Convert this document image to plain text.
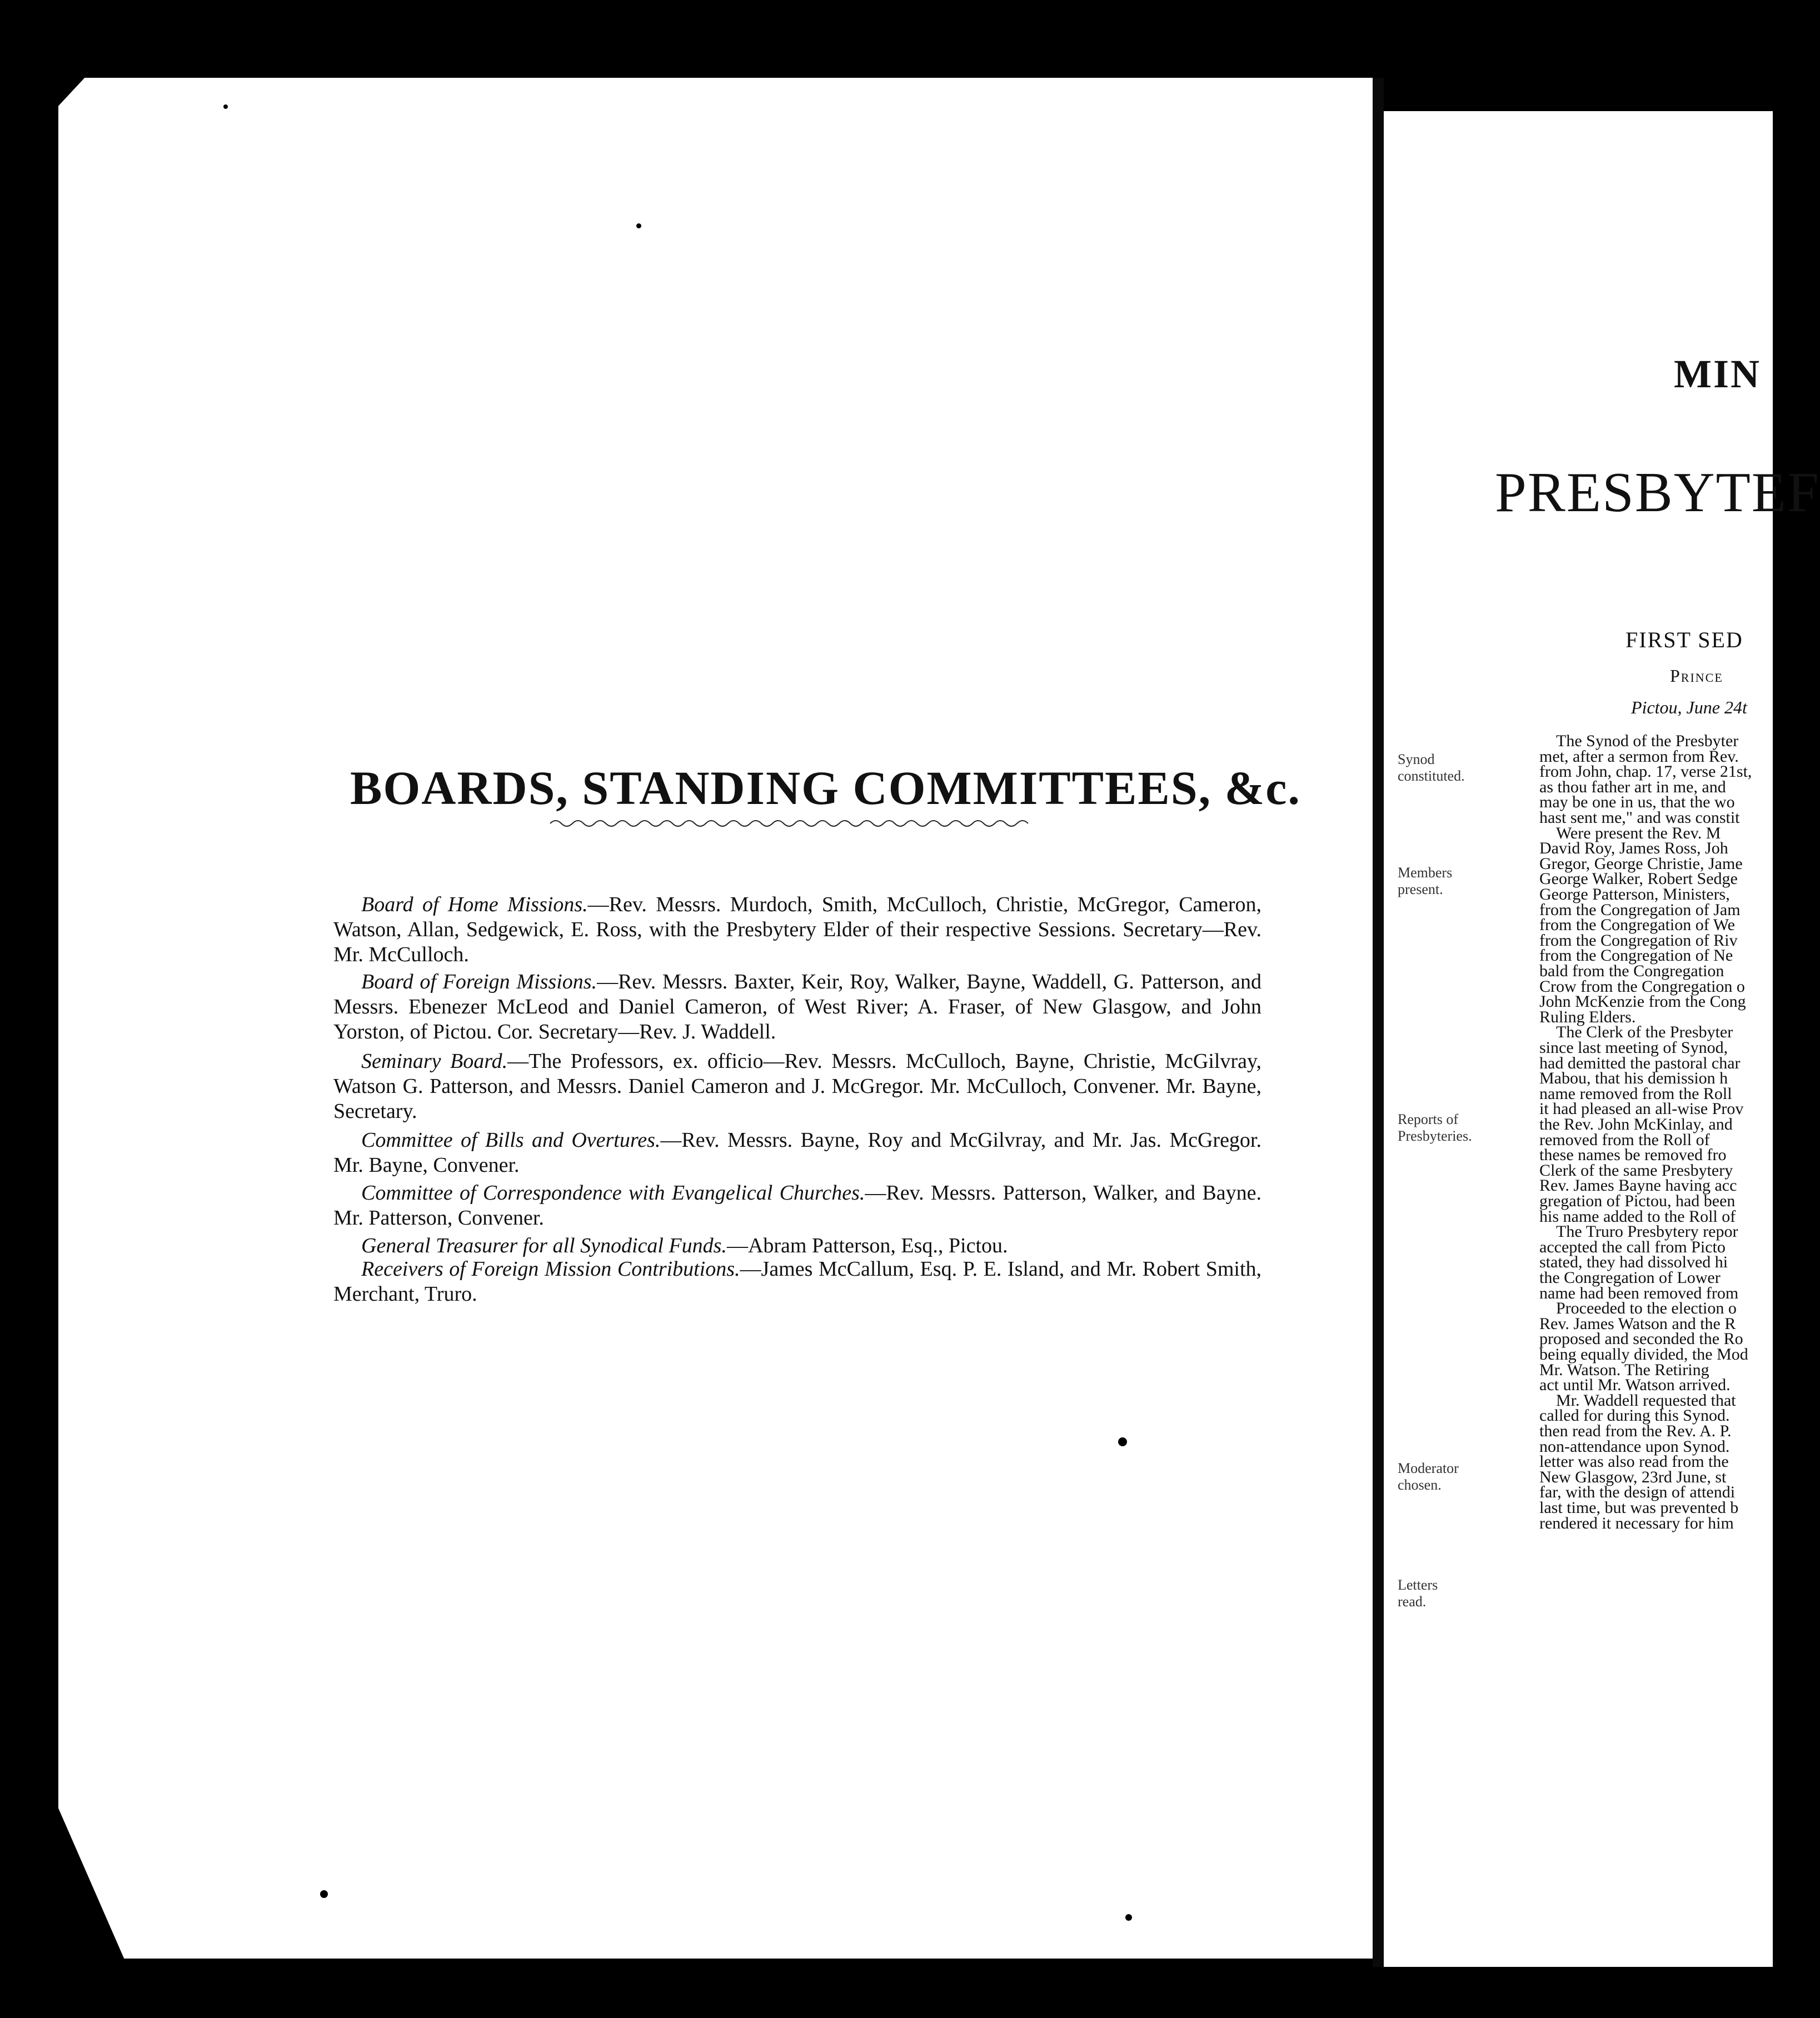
BOARDS, STANDING COMMITTEES, &c.
Board of Home Missions.—Rev. Messrs. Murdoch, Smith, McCulloch, Christie, McGregor, Cameron, Watson, Allan, Sedgewick, E. Ross, with the Presbytery Elder of their respective Sessions. Secretary—Rev. Mr. McCulloch.
Board of Foreign Missions.—Rev. Messrs. Baxter, Keir, Roy, Walker, Bayne, Waddell, G. Patterson, and Messrs. Ebenezer McLeod and Daniel Cameron, of West River; A. Fraser, of New Glasgow, and John Yorston, of Pictou. Cor. Secretary—Rev. J. Waddell.
Seminary Board.—The Professors, ex. officio—Rev. Messrs. McCulloch, Bayne, Christie, McGilvray, Watson G. Patterson, and Messrs. Daniel Cameron and J. McGregor. Mr. McCulloch, Convener. Mr. Bayne, Secretary.
Committee of Bills and Overtures.—Rev. Messrs. Bayne, Roy and McGilvray, and Mr. Jas. McGregor. Mr. Bayne, Convener.
Committee of Correspondence with Evangelical Churches.—Rev. Messrs. Patterson, Walker, and Bayne. Mr. Patterson, Convener.
General Treasurer for all Synodical Funds.—Abram Patterson, Esq., Pictou.
Receivers of Foreign Mission Contributions.—James McCallum, Esq. P. E. Island, and Mr. Robert Smith, Merchant, Truro.
MIN
PRESBYTEF
FIRST SED
Prince
Pictou, June 24t
Synod
constituted.
Members
present.
Reports of
Presbyteries.
Moderator
chosen.
Letters
read.
The Synod of the Presbyter
met, after a sermon from Rev.
from John, chap. 17, verse 21st,
as thou father art in me, and
may be one in us, that the wo
hast sent me," and was constit
Were present the Rev. M
David Roy, James Ross, Joh
Gregor, George Christie, Jame
George Walker, Robert Sedge
George Patterson, Ministers,
from the Congregation of Jam
from the Congregation of We
from the Congregation of Riv
from the Congregation of Ne
bald from the Congregation
Crow from the Congregation o
John McKenzie from the Cong
Ruling Elders.
The Clerk of the Presbyter
since last meeting of Synod,
had demitted the pastoral char
Mabou, that his demission h
name removed from the Roll
it had pleased an all-wise Prov
the Rev. John McKinlay, and
removed from the Roll of
these names be removed fro
Clerk of the same Presbytery
Rev. James Bayne having acc
gregation of Pictou, had been
his name added to the Roll of
The Truro Presbytery repor
accepted the call from Picto
stated, they had dissolved hi
the Congregation of Lower
name had been removed from
Proceeded to the election o
Rev. James Watson and the R
proposed and seconded the Ro
being equally divided, the Mod
Mr. Watson. The Retiring
act until Mr. Watson arrived.
Mr. Waddell requested that
called for during this Synod.
then read from the Rev. A. P.
non-attendance upon Synod.
letter was also read from the
New Glasgow, 23rd June, st
far, with the design of attendi
last time, but was prevented b
rendered it necessary for him
